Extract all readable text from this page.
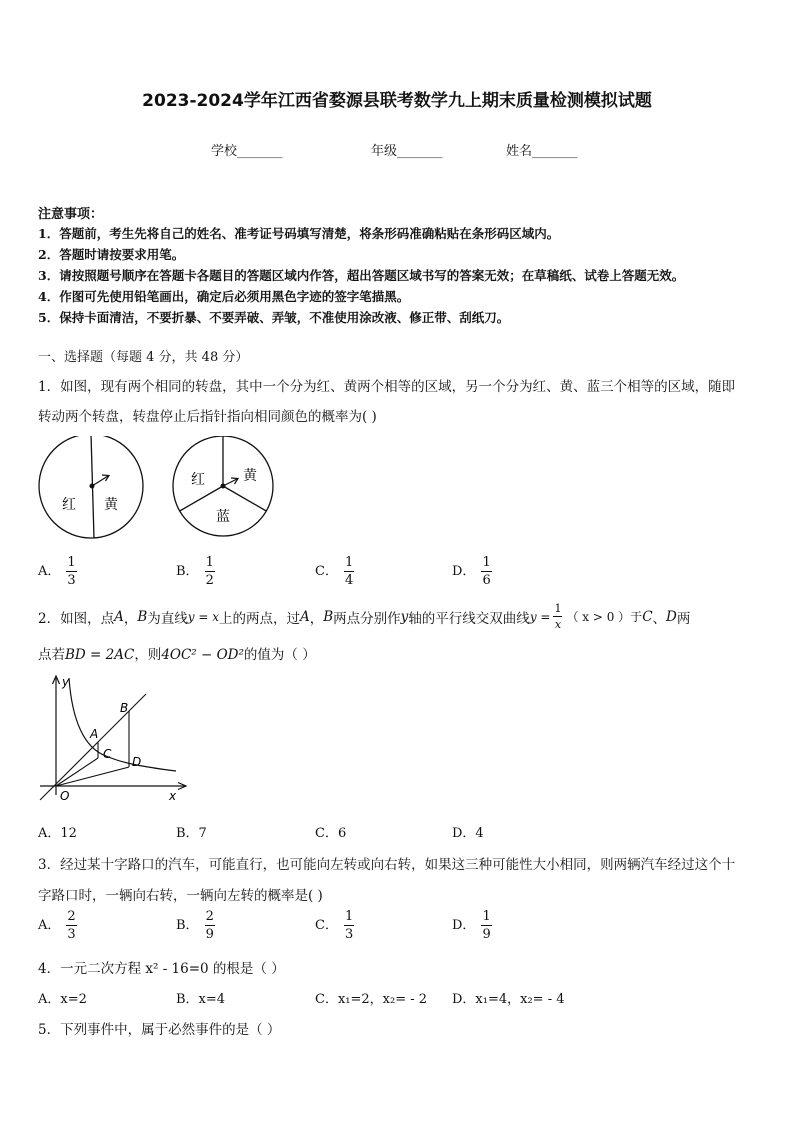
2023-2024学年江西省婺源县联考数学九上期末质量检测模拟试题
学校_______	年级_______	姓名_______
注意事项：
1．答题前，考生先将自己的姓名、准考证号码填写清楚，将条形码准确粘贴在条形码区域内。
2．答题时请按要求用笔。
3．请按照题号顺序在答题卡各题目的答题区域内作答，超出答题区域书写的答案无效；在草稿纸、试卷上答题无效。
4．作图可先使用铅笔画出，确定后必须用黑色字迹的签字笔描黑。
5．保持卡面清洁，不要折暴、不要弄破、弄皱，不准使用涂改液、修正带、刮纸刀。
一、选择题（每题 4 分，共 48 分）
1．如图，现有两个相同的转盘，其中一个分为红、黄两个相等的区域，另一个分为红、黄、蓝三个相等的区域，随即
转动两个转盘，转盘停止后指针指向相同颜色的概率为( )
红 黄
红	黄
蓝
A． $\frac{1}{3}$	B． $\frac{1}{2}$	C． $\frac{1}{4}$	D． $\frac{1}{6}$
2．如图，点 A ， B 为直线 y = x 上的两点，过 A ， B 两点分别作 y 轴的平行线交双曲线 $y = \frac{1}{x}$ （ x > 0 ）于 C 、 D 两
点若BD = 2AC，则4OC² − OD²的值为（ ）
y
x
O
A
B
C
D
A．12	B．7	C．6	D．4
3．经过某十字路口的汽车，可能直行，也可能向左转或向右转，如果这三种可能性大小相同，则两辆汽车经过这个十
字路口时，一辆向右转，一辆向左转的概率是( )
A． $\frac{2}{3}$	B． $\frac{2}{9}$	C． $\frac{1}{3}$	D． $\frac{1}{9}$
4．一元二次方程 x² - 16=0 的根是（ ）
A．x=2	B．x=4	C．x₁=2，x₂= - 2 D．x₁=4，x₂= - 4
5．下列事件中，属于必然事件的是（ ）
